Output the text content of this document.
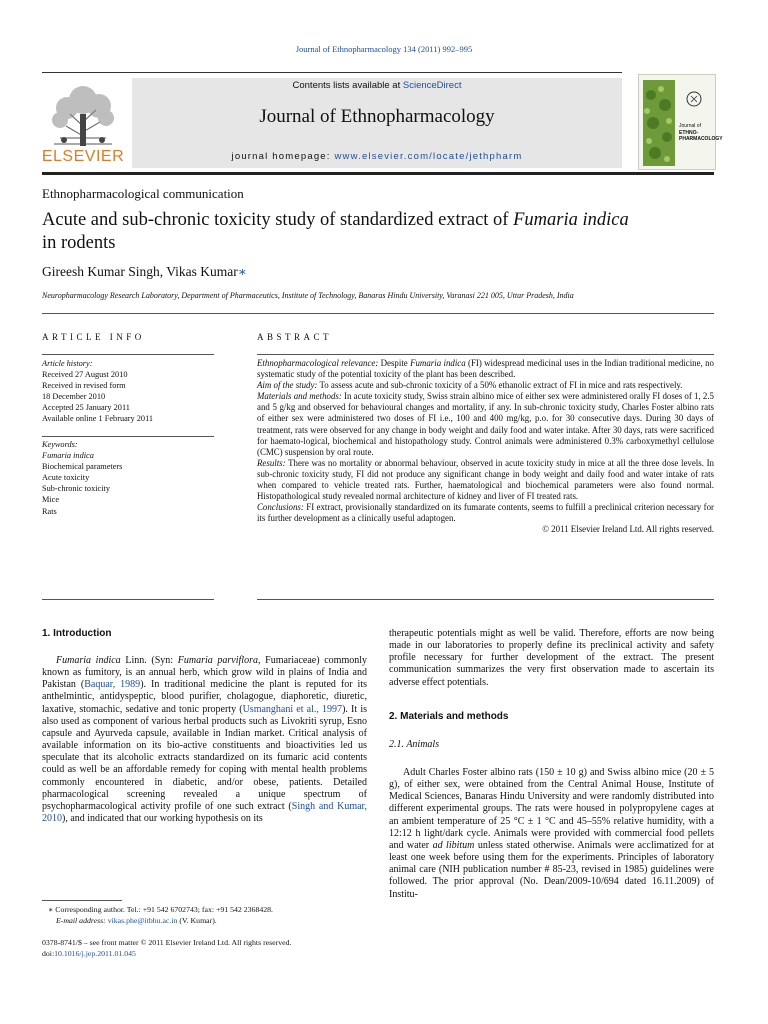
Journal of Ethnopharmacology 134 (2011) 992–995
ELSEVIER
Contents lists available at ScienceDirect
Journal of Ethnopharmacology
journal homepage: www.elsevier.com/locate/jethpharm
Journal of
ETHNO-
PHARMACOLOGY
Ethnopharmacological communication
Acute and sub-chronic toxicity study of standardized extract of Fumaria indica
in rodents
Gireesh Kumar Singh, Vikas Kumar∗
Neuropharmacology Research Laboratory, Department of Pharmaceutics, Institute of Technology, Banaras Hindu University, Varanasi 221 005, Uttar Pradesh, India
ARTICLE INFO	ABSTRACT
Article history:
Received 27 August 2010
Received in revised form
18 December 2010
Accepted 25 January 2011
Available online 1 February 2011
Keywords:
Fumaria indica
Biochemical parameters
Acute toxicity
Sub-chronic toxicity
Mice
Rats

Ethnopharmacological relevance: Despite Fumaria indica (FI) widespread medicinal uses in the Indian traditional medicine, no systematic study of the potential toxicity of the plant has been described.

Aim of the study: To assess acute and sub-chronic toxicity of a 50% ethanolic extract of FI in mice and rats respectively.

Materials and methods: In acute toxicity study, Swiss strain albino mice of either sex were administered orally FI doses of 1, 2.5 and 5 g/kg and observed for behavioural changes and mortality, if any. In sub-chronic toxicity study, Charles Foster albino rats of either sex were administered two doses of FI i.e., 100 and 400 mg/kg, p.o. for 30 consecutive days. During 30 days of treatment, rats were observed for any change in body weight and daily food and water intake. After 30 days, rats were sacrificed for haemato-logical, biochemical and histopathology study. Control animals were administered 0.3% carboxymethyl cellulose (CMC) suspension by oral route.

Results: There was no mortality or abnormal behaviour, observed in acute toxicity study in mice at all the three dose levels. In sub-chronic toxicity study, FI did not produce any significant change in body weight and daily food and water intake of rats when compared to vehicle treated rats. Further, haematological and biochemical parameters were also found normal. Histopathological study revealed normal architecture of kidney and liver of FI treated rats.

Conclusions: FI extract, provisionally standardized on its fumarate contents, seems to fulfill a preclinical criterion necessary for its further development as a clinically useful adaptogen.

© 2011 Elsevier Ireland Ltd. All rights reserved.

1. Introduction

Fumaria indica Linn. (Syn: Fumaria parviflora, Fumariaceae) commonly known as fumitory, is an annual herb, which grow wild in plains of India and Pakistan (Baquar, 1989). In traditional medicine the plant is reputed for its anthelmintic, antidyspeptic, blood purifier, cholagogue, diaphoretic, diuretic, laxative, stomachic, sedative and tonic property (Usmanghani et al., 1997). It is also used as component of various herbal products such as Livokriti syrup, Esno capsule and Ayurveda capsule, available in Indian market. Critical analysis of available information on its bio-active constituents and bioactivities led us speculate that its alcoholic extracts standardized on its fumaric acid contents could as well be an affordable remedy for coping with mental health problems commonly encountered in diabetic, and/or obese, patients. Detailed pharmacological screening revealed a unique spectrum of psychopharmacological activity profile of one such extract (Singh and Kumar, 2010), and indicated that our working hypothesis on its

therapeutic potentials might as well be valid. Therefore, efforts are now being made in our laboratories to properly define its preclinical activity and safety profile necessary for further development of the extract. The present communication summarizes the very first observation made to ascertain its adverse effect potentials.

2. Materials and methods
2.1. Animals

Adult Charles Foster albino rats (150 ± 10 g) and Swiss albino mice (20 ± 5 g), of either sex, were obtained from the Central Animal House, Institute of Medical Sciences, Banaras Hindu University and were randomly distributed into different experimental groups. The rats were housed in polypropylene cages at an ambient temperature of 25 °C ± 1 °C and 45–55% relative humidity, with a 12:12 h light/dark cycle. Animals were provided with commercial food pellets and water ad libitum unless stated otherwise. Animals were acclimatized for at least one week before using them for the experiments. Principles of laboratory animal care (NIH publication number # 85-23, revised in 1985) guidelines were followed. The prior approval (No. Dean/2009-10/694 dated 16.11.2009) of Institu-

∗ Corresponding author. Tel.: +91 542 6702743; fax: +91 542 2368428.
E-mail address: vikas.phe@itbhu.ac.in (V. Kumar).
0378-8741/$ – see front matter © 2011 Elsevier Ireland Ltd. All rights reserved.
doi:10.1016/j.jep.2011.01.045
